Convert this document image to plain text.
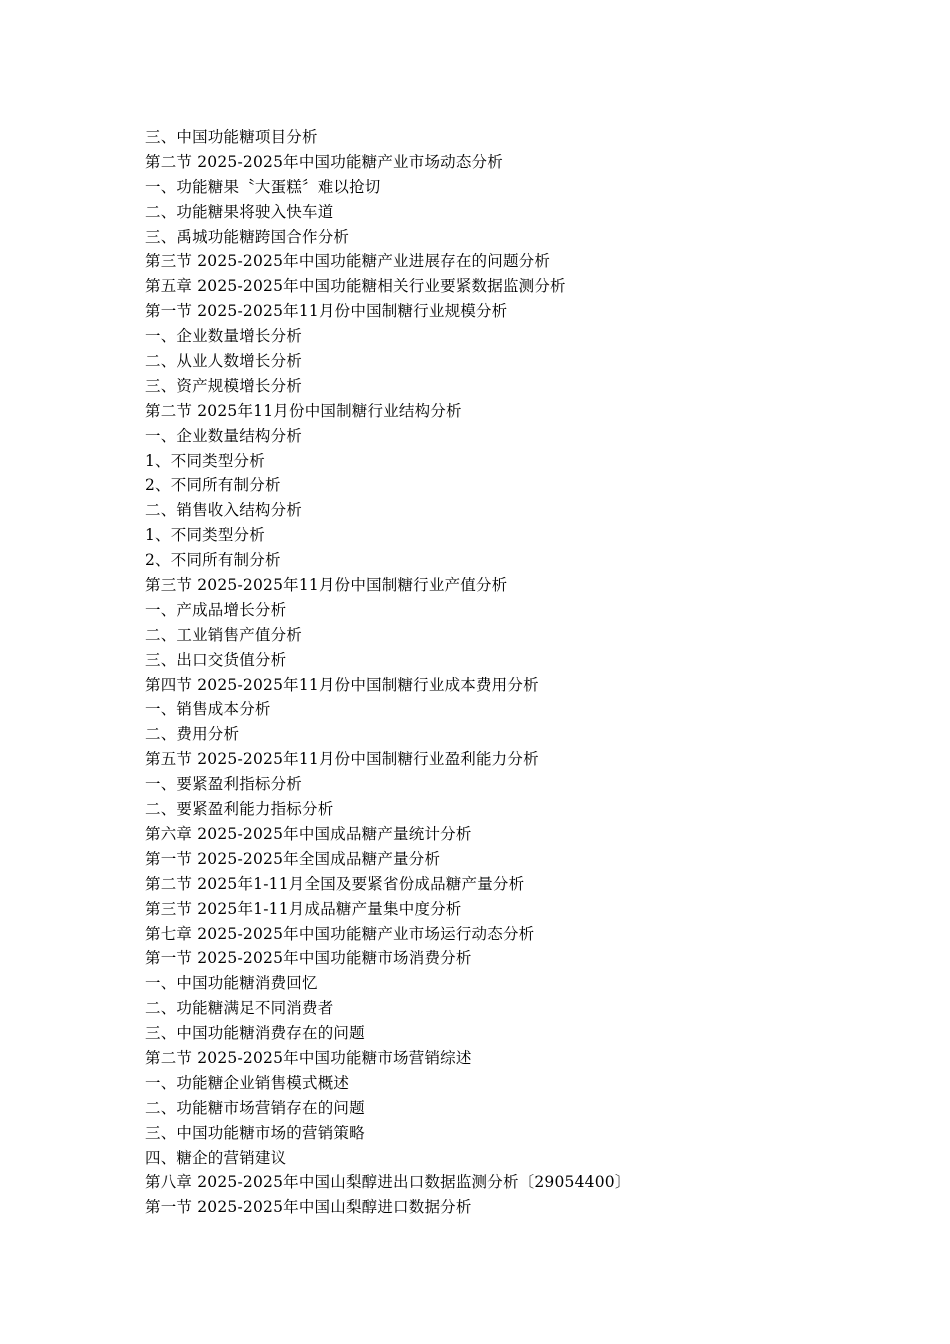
三、中国功能糖项目分析
第二节 2025-2025年中国功能糖产业市场动态分析
一、功能糖果〝大蛋糕〞难以抢切
二、功能糖果将驶入快车道
三、禹城功能糖跨国合作分析
第三节 2025-2025年中国功能糖产业进展存在的问题分析
第五章 2025-2025年中国功能糖相关行业要紧数据监测分析
第一节 2025-2025年11月份中国制糖行业规模分析
一、企业数量增长分析
二、从业人数增长分析
三、资产规模增长分析
第二节 2025年11月份中国制糖行业结构分析
一、企业数量结构分析
1、不同类型分析
2、不同所有制分析
二、销售收入结构分析
1、不同类型分析
2、不同所有制分析
第三节 2025-2025年11月份中国制糖行业产值分析
一、产成品增长分析
二、工业销售产值分析
三、出口交货值分析
第四节 2025-2025年11月份中国制糖行业成本费用分析
一、销售成本分析
二、费用分析
第五节 2025-2025年11月份中国制糖行业盈利能力分析
一、要紧盈利指标分析
二、要紧盈利能力指标分析
第六章 2025-2025年中国成品糖产量统计分析
第一节 2025-2025年全国成品糖产量分析
第二节 2025年1-11月全国及要紧省份成品糖产量分析
第三节 2025年1-11月成品糖产量集中度分析
第七章 2025-2025年中国功能糖产业市场运行动态分析
第一节 2025-2025年中国功能糖市场消费分析
一、中国功能糖消费回忆
二、功能糖满足不同消费者
三、中国功能糖消费存在的问题
第二节 2025-2025年中国功能糖市场营销综述
一、功能糖企业销售模式概述
二、功能糖市场营销存在的问题
三、中国功能糖市场的营销策略
四、糖企的营销建议
第八章 2025-2025年中国山梨醇进出口数据监测分析〔29054400〕
第一节 2025-2025年中国山梨醇进口数据分析
